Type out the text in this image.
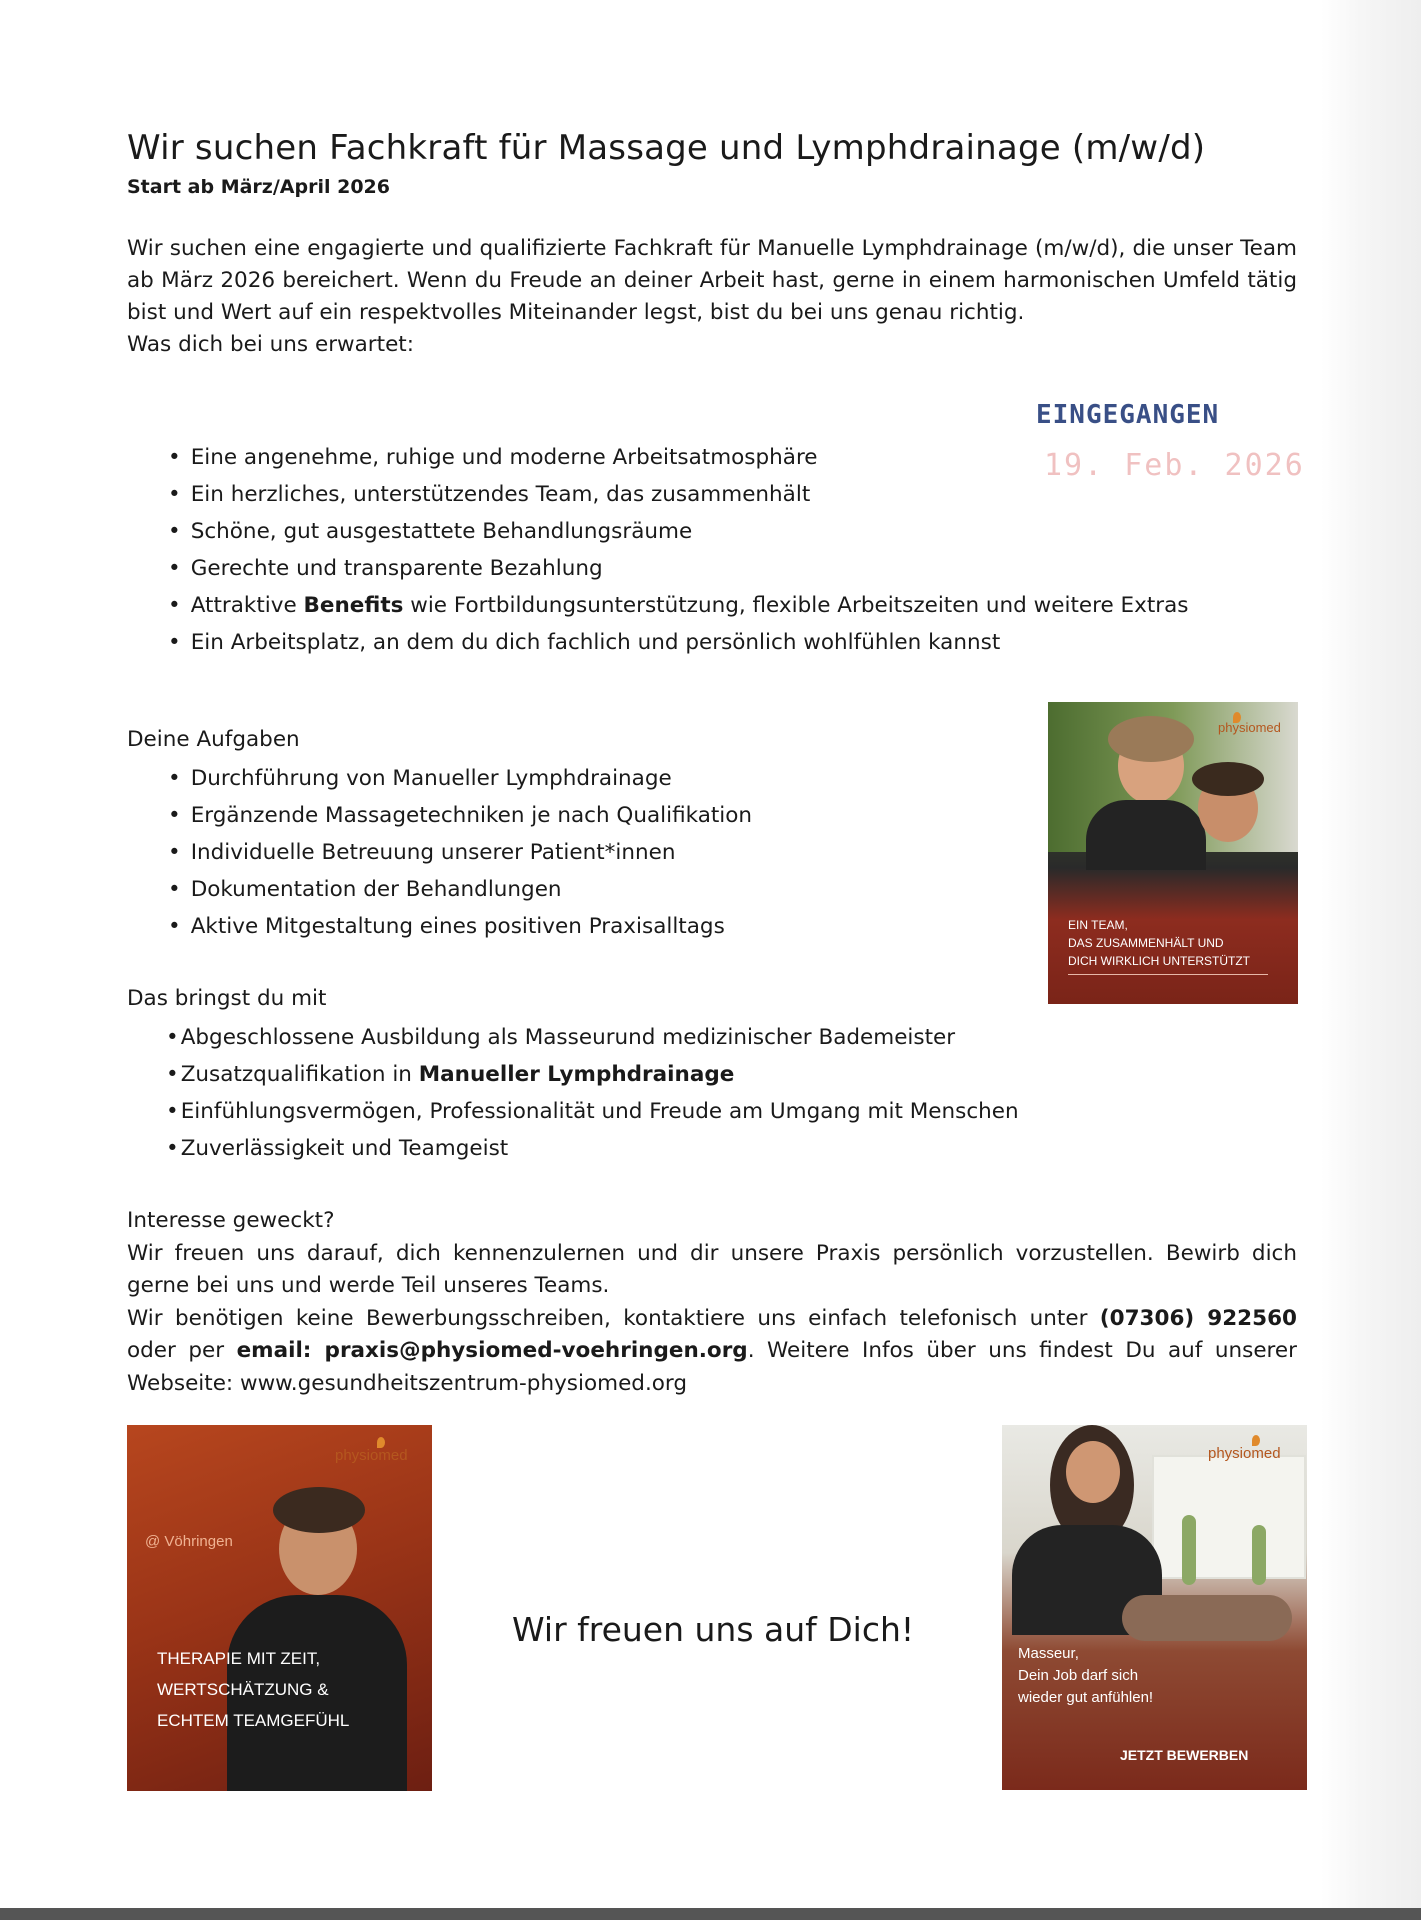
Wir suchen Fachkraft für Massage und Lymphdrainage (m/w/d)
Start ab März/April 2026

Wir suchen eine engagierte und qualifizierte Fachkraft für Manuelle Lymphdrainage (m/w/d), die unser Team ab März 2026 bereichert. Wenn du Freude an deiner Arbeit hast, gerne in einem harmonischen Umfeld tätig bist und Wert auf ein respektvolles Miteinander legst, bist du bei uns genau richtig.

Was dich bei uns erwartet:

EINGEGANGEN
19. Feb. 2026
• Eine angenehme, ruhige und moderne Arbeitsatmosphäre
• Ein herzliches, unterstützendes Team, das zusammenhält
• Schöne, gut ausgestattete Behandlungsräume
• Gerechte und transparente Bezahlung
• Attraktive Benefits wie Fortbildungsunterstützung, flexible Arbeitszeiten und weitere Extras
• Ein Arbeitsplatz, an dem du dich fachlich und persönlich wohlfühlen kannst
Deine Aufgaben
• Durchführung von Manueller Lymphdrainage
• Ergänzende Massagetechniken je nach Qualifikation
• Individuelle Betreuung unserer Patient*innen
• Dokumentation der Behandlungen
• Aktive Mitgestaltung eines positiven Praxisalltags
Das bringst du mit
• Abgeschlossene Ausbildung als Masseurund medizinischer Bademeister
• Zusatzqualifikation in Manueller Lymphdrainage
• Einfühlungsvermögen, Professionalität und Freude am Umgang mit Menschen
• Zuverlässigkeit und Teamgeist

Interesse geweckt?

Wir freuen uns darauf, dich kennenzulernen und dir unsere Praxis persönlich vorzustellen. Bewirb dich gerne bei uns und werde Teil unseres Teams.

Wir benötigen keine Bewerbungsschreiben, kontaktiere uns einfach telefonisch unter (07306) 922560 oder per email: praxis@physiomed-voehringen.org. Weitere Infos über uns findest Du auf unserer Webseite: www.gesundheitszentrum-physiomed.org

Wir freuen uns auf Dich!
physiomed
EIN TEAM,
DAS ZUSAMMENHÄLT UND
DICH WIRKLICH UNTERSTÜTZT
physiomed
@ Vöhringen
THERAPIE MIT ZEIT,
WERTSCHÄTZUNG &
ECHTEM TEAMGEFÜHL
physiomed
Masseur,
Dein Job darf sich
wieder gut anfühlen!
JETZT BEWERBEN
